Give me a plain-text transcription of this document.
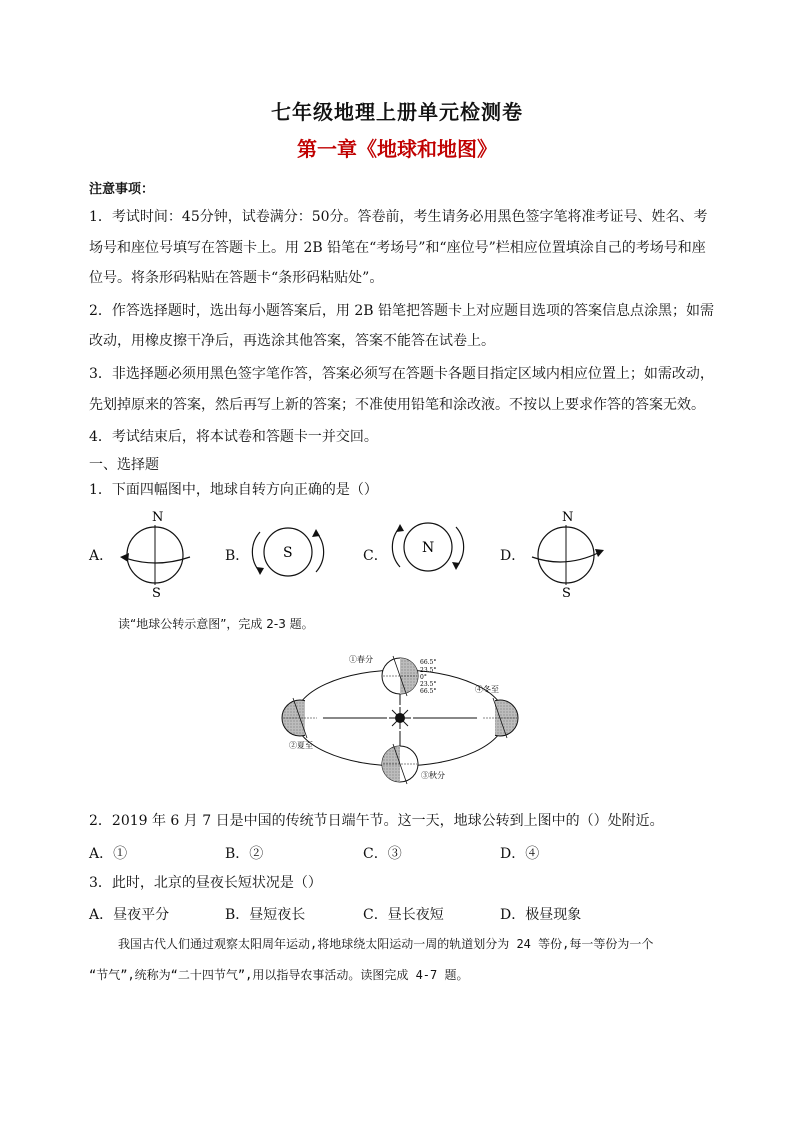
七年级地理上册单元检测卷
第一章《地球和地图》
注意事项：
1．考试时间：45分钟，试卷满分：50分。答卷前，考生请务必用黑色签字笔将准考证号、姓名、考
场号和座位号填写在答题卡上。用 2B 铅笔在“考场号”和“座位号”栏相应位置填涂自己的考场号和座
位号。将条形码粘贴在答题卡“条形码粘贴处”。
2．作答选择题时，选出每小题答案后，用 2B 铅笔把答题卡上对应题目选项的答案信息点涂黑；如需
改动，用橡皮擦干净后，再选涂其他答案，答案不能答在试卷上。
3．非选择题必须用黑色签字笔作答，答案必须写在答题卡各题目指定区域内相应位置上；如需改动，
先划掉原来的答案，然后再写上新的答案；不准使用铅笔和涂改液。不按以上要求作答的答案无效。
4．考试结束后，将本试卷和答题卡一并交回。
一、选择题
1．下面四幅图中，地球自转方向正确的是（）
A．
N
S
B． S	C． N	D．
N
S
读“地球公转示意图”，完成 2-3 题。
①春分
④冬至
②夏至
③秋分
66.5°
23.5°
0°
23.5°
66.5°
2．2019 年 6 月 7 日是中国的传统节日端午节。这一天，地球公转到上图中的（）处附近。
A．①	B．②	C．③	D．④
3．此时，北京的昼夜长短状况是（）
A．昼夜平分	B．昼短夜长	C．昼长夜短	D．极昼现象
我国古代人们通过观察太阳周年运动,将地球绕太阳运动一周的轨道划分为 24 等份,每一等份为一个
“节气”,统称为“二十四节气”,用以指导农事活动。读图完成 4-7 题。
